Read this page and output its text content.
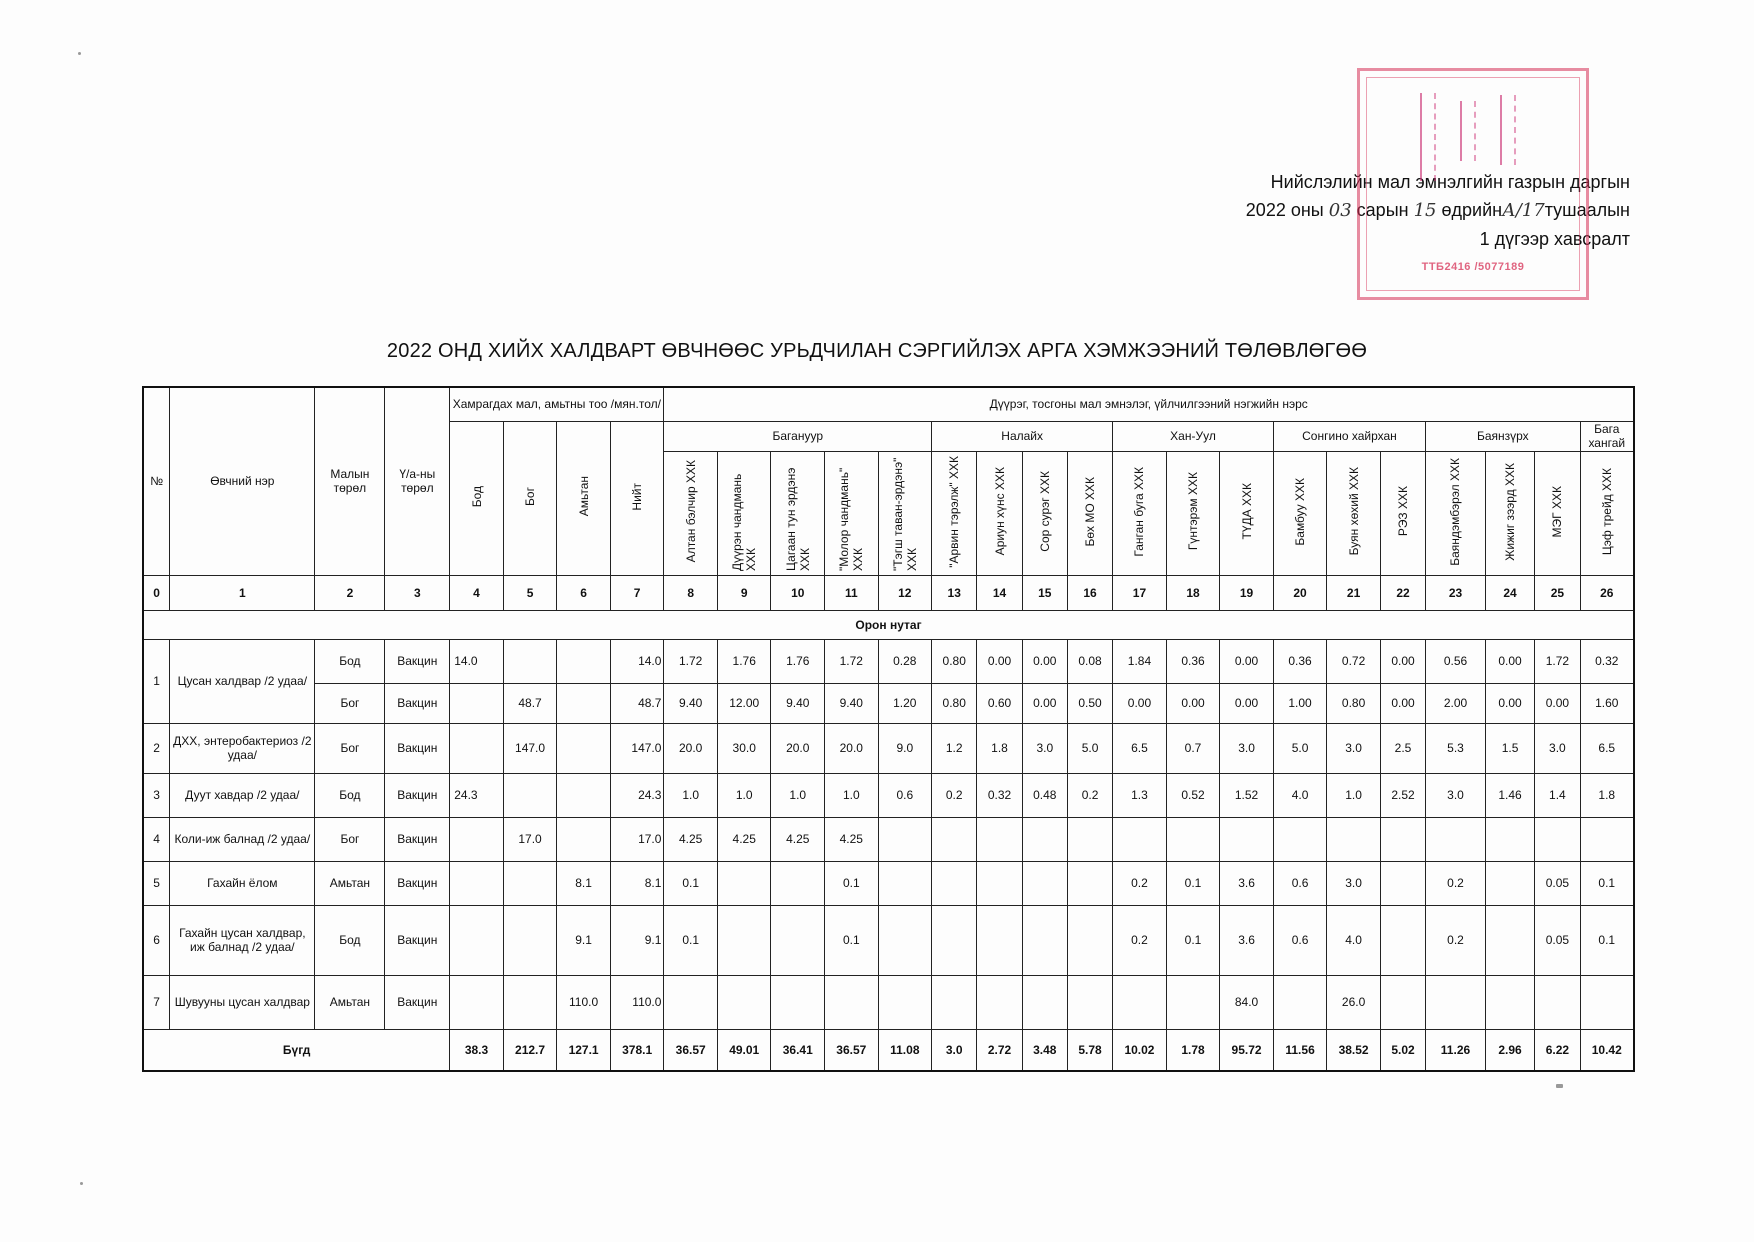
Нийслэлийн мал эмнэлгийн газрын даргын
2022 оны 03 сарын 15 өдрийнА/17тушаалын
1 дүгээр хавсралт
ТТБ2416 /5077189
2022 ОНД ХИЙХ ХАЛДВАРТ ӨВЧНӨӨС УРЬДЧИЛАН СЭРГИЙЛЭХ АРГА ХЭМЖЭЭНИЙ ТӨЛӨВЛӨГӨӨ
№	Өвчний нэр	Малын төрөл	Ү/а-ны төрөл	Хамрагдах мал, амьтны тоо /мян.тол/				Дүүрэг, тосгоны мал эмнэлэг, үйлчилгээний нэгжийн нэрс																		
				Бод	Бог	Амьтан	Нийт	Багануур					Налайх				Хан-Уул			Сонгино хайрхан			Баянзүрх			Бага хангай
								Алтан бэлчир ХХК	Дүүрэн чандмань ХХК	Цагаан тун эрдэнэ ХХК	"Молор чандмань" ХХК	"Тэгш таван-эрдэнэ" ХХК	"Арвин тэрэлж" ХХК	Ариун хүнс ХХК	Сор сурэг ХХК	Бөх МО ХХК	Ганган буга ХХК	Гүнтэрэм ХХК	ТҮДА ХХК	Бамбуу ХХК	Буян хөхий ХХК	РЭЗ ХХК	Баяндэмбэрэл ХХК	Жижиг зээрд ХХК	МЭГ ХХК	Цэф трейд ХХК
0	1	2	3	4	5	6	7	8	9	10	11	12	13	14	15	16	17	18	19	20	21	22	23	24	25	26
Орон нутаг																										
1	Цусан халдвар /2 удаа/	Бод	Вакцин	14.0			14.0	1.72	1.76	1.76	1.72	0.28	0.80	0.00	0.00	0.08	1.84	0.36	0.00	0.36	0.72	0.00	0.56	0.00	1.72	0.32
		Бог	Вакцин		48.7		48.7	9.40	12.00	9.40	9.40	1.20	0.80	0.60	0.00	0.50	0.00	0.00	0.00	1.00	0.80	0.00	2.00	0.00	0.00	1.60
2	ДХХ, энтеробактериоз /2 удаа/	Бог	Вакцин		147.0		147.0	20.0	30.0	20.0	20.0	9.0	1.2	1.8	3.0	5.0	6.5	0.7	3.0	5.0	3.0	2.5	5.3	1.5	3.0	6.5
3	Дуут хавдар /2 удаа/	Бод	Вакцин	24.3			24.3	1.0	1.0	1.0	1.0	0.6	0.2	0.32	0.48	0.2	1.3	0.52	1.52	4.0	1.0	2.52	3.0	1.46	1.4	1.8
4	Коли-иж балнад /2 удаа/	Бог	Вакцин		17.0		17.0	4.25	4.25	4.25	4.25															
5	Гахайн ёлом	Амьтан	Вакцин			8.1	8.1	0.1			0.1						0.2	0.1	3.6	0.6	3.0		0.2		0.05	0.1
6	Гахайн цусан халдвар, иж балнад /2 удаа/	Бод	Вакцин			9.1	9.1	0.1			0.1						0.2	0.1	3.6	0.6	4.0		0.2		0.05	0.1
7	Шувууны цусан халдвар	Амьтан	Вакцин			110.0	110.0												84.0		26.0					
Бүгд				38.3	212.7	127.1	378.1	36.57	49.01	36.41	36.57	11.08	3.0	2.72	3.48	5.78	10.02	1.78	95.72	11.56	38.52	5.02	11.26	2.96	6.22	10.42
